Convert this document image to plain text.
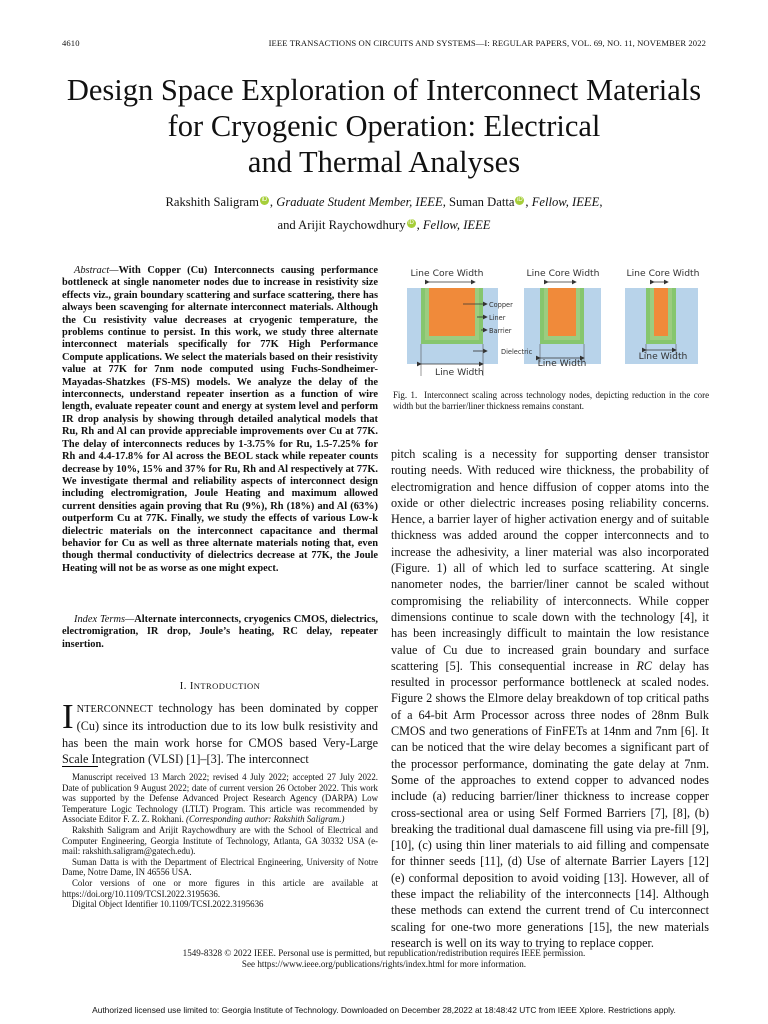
4610	IEEE TRANSACTIONS ON CIRCUITS AND SYSTEMS—I: REGULAR PAPERS, VOL. 69, NO. 11, NOVEMBER 2022
Design Space Exploration of Interconnect Materials
for Cryogenic Operation: Electrical
and Thermal Analyses
Rakshith Saligram iD , Graduate Student Member, IEEE, Suman Datta iD , Fellow, IEEE,
and Arijit Raychowdhury iD , Fellow, IEEE

Abstract—With Copper (Cu) Interconnects causing performance bottleneck at single nanometer nodes due to increase in resistivity size effects viz., grain boundary scattering and surface scattering, there has always been scavenging for alternate interconnect materials. Although the Cu resistivity value decreases at cryogenic temperature, the problems continue to persist. In this work, we study three alternate interconnect materials specifically for 77K High Performance Compute applications. We select the materials based on their resistivity value at 77K for 7nm node computed using Fuchs-Sondheimer-Mayadas-Shatzkes (FS-MS) models. We analyze the delay of the interconnects, understand repeater insertion as a function of wire length, evaluate repeater count and energy at system level and perform IR drop analysis by showing through detailed analytical models that Ru, Rh and Al can provide appreciable improvements over Cu at 77K. The delay of interconnects reduces by 1-3.75% for Ru, 1.5-7.25% for Rh and 4.4-17.8% for Al across the BEOL stack while repeater counts decrease by 10%, 15% and 37% for Ru, Rh and Al respectively at 77K. We investigate thermal and reliability aspects of interconnect design including electromigration, Joule Heating and maximum allowed current densities again proving that Ru (9%), Rh (18%) and Al (63%) outperform Cu at 77K. Finally, we study the effects of various Low-k dielectric materials on the interconnect capacitance and thermal behavior for Cu as well as three alternate materials noting that, even though thermal conductivity of dielectrics decrease at 77K, the Joule Heating will not be as worse as one might expect.

Index Terms—Alternate interconnects, cryogenics CMOS, dielectrics, electromigration, IR drop, Joule’s heating, RC delay, repeater insertion.

I. INTRODUCTION
INTERCONNECT technology has been dominated by copper (Cu) since its introduction due to its low bulk resistivity and has been the main work horse for CMOS based Very-Large Scale Integration (VLSI) [1]–[3]. The interconnect

Manuscript received 13 March 2022; revised 4 July 2022; accepted 27 July 2022. Date of publication 9 August 2022; date of current version 26 October 2022. This work was supported by the Defense Advanced Project Research Agency (DARPA) Low Temperature Logic Technology (LTLT) Program. This article was recommended by Associate Editor F. Z. Z. Rokhani. (Corresponding author: Rakshith Saligram.)

Rakshith Saligram and Arijit Raychowdhury are with the School of Electrical and Computer Engineering, Georgia Institute of Technology, Atlanta, GA 30332 USA (e-mail: rakshith.saligram@gatech.edu).

Suman Datta is with the Department of Electrical Engineering, University of Notre Dame, Notre Dame, IN 46556 USA.

Color versions of one or more figures in this article are available at https://doi.org/10.1109/TCSI.2022.3195636.

Digital Object Identifier 10.1109/TCSI.2022.3195636

Line Core Width	Line Core Width	Line Core Width
Copper
Liner
Barrier
Dielectric
Line Width
Line Width
Line Width
Fig. 1. Interconnect scaling across technology nodes, depicting reduction in the core width but the barrier/liner thickness remains constant.

pitch scaling is a necessity for supporting denser transistor routing needs. With reduced wire thickness, the probability of electromigration and hence diffusion of copper atoms into the oxide or other dielectric increases posing reliability concerns. Hence, a barrier layer of higher activation energy and of suitable thickness was added around the copper interconnects and to increase the adhesivity, a liner material was also incorporated (Figure. 1) all of which led to surface scattering. At single nanometer nodes, the barrier/liner cannot be scaled without compromising the reliability of interconnects. While copper dimensions continue to scale down with the technology [4], it has been increasingly difficult to maintain the low resistance value of Cu due to increased grain boundary and surface scattering [5]. This consequential increase in RC delay has resulted in processor performance bottleneck at scaled nodes. Figure 2 shows the Elmore delay breakdown of top critical paths of a 64-bit Arm Processor across three nodes of 28nm Bulk CMOS and two generations of FinFETs at 14nm and 7nm [6]. It can be noticed that the wire delay becomes a significant part of the processor performance, dominating the gate delay at 7nm. Some of the approaches to extend copper to advanced nodes include (a) reducing barrier/liner thickness to increase copper cross-sectional area or using Self Formed Barriers [7], [8], (b) breaking the traditional dual damascene fill using via pre-fill [9], [10], (c) using thin liner materials to aid filling and compensate for thinner seeds [11], (d) Use of alternate Barrier Layers [12] (e) conformal deposition to avoid voiding [13]. However, all of these impact the reliability of the interconnects [14]. Although these methods can extend the current trend of Cu interconnect scaling for one-two more generations [15], the new materials research is well on its way to trying to replace copper.

1549-8328 © 2022 IEEE. Personal use is permitted, but republication/redistribution requires IEEE permission.
See https://www.ieee.org/publications/rights/index.html for more information.
Authorized licensed use limited to: Georgia Institute of Technology. Downloaded on December 28,2022 at 18:48:42 UTC from IEEE Xplore. Restrictions apply.
